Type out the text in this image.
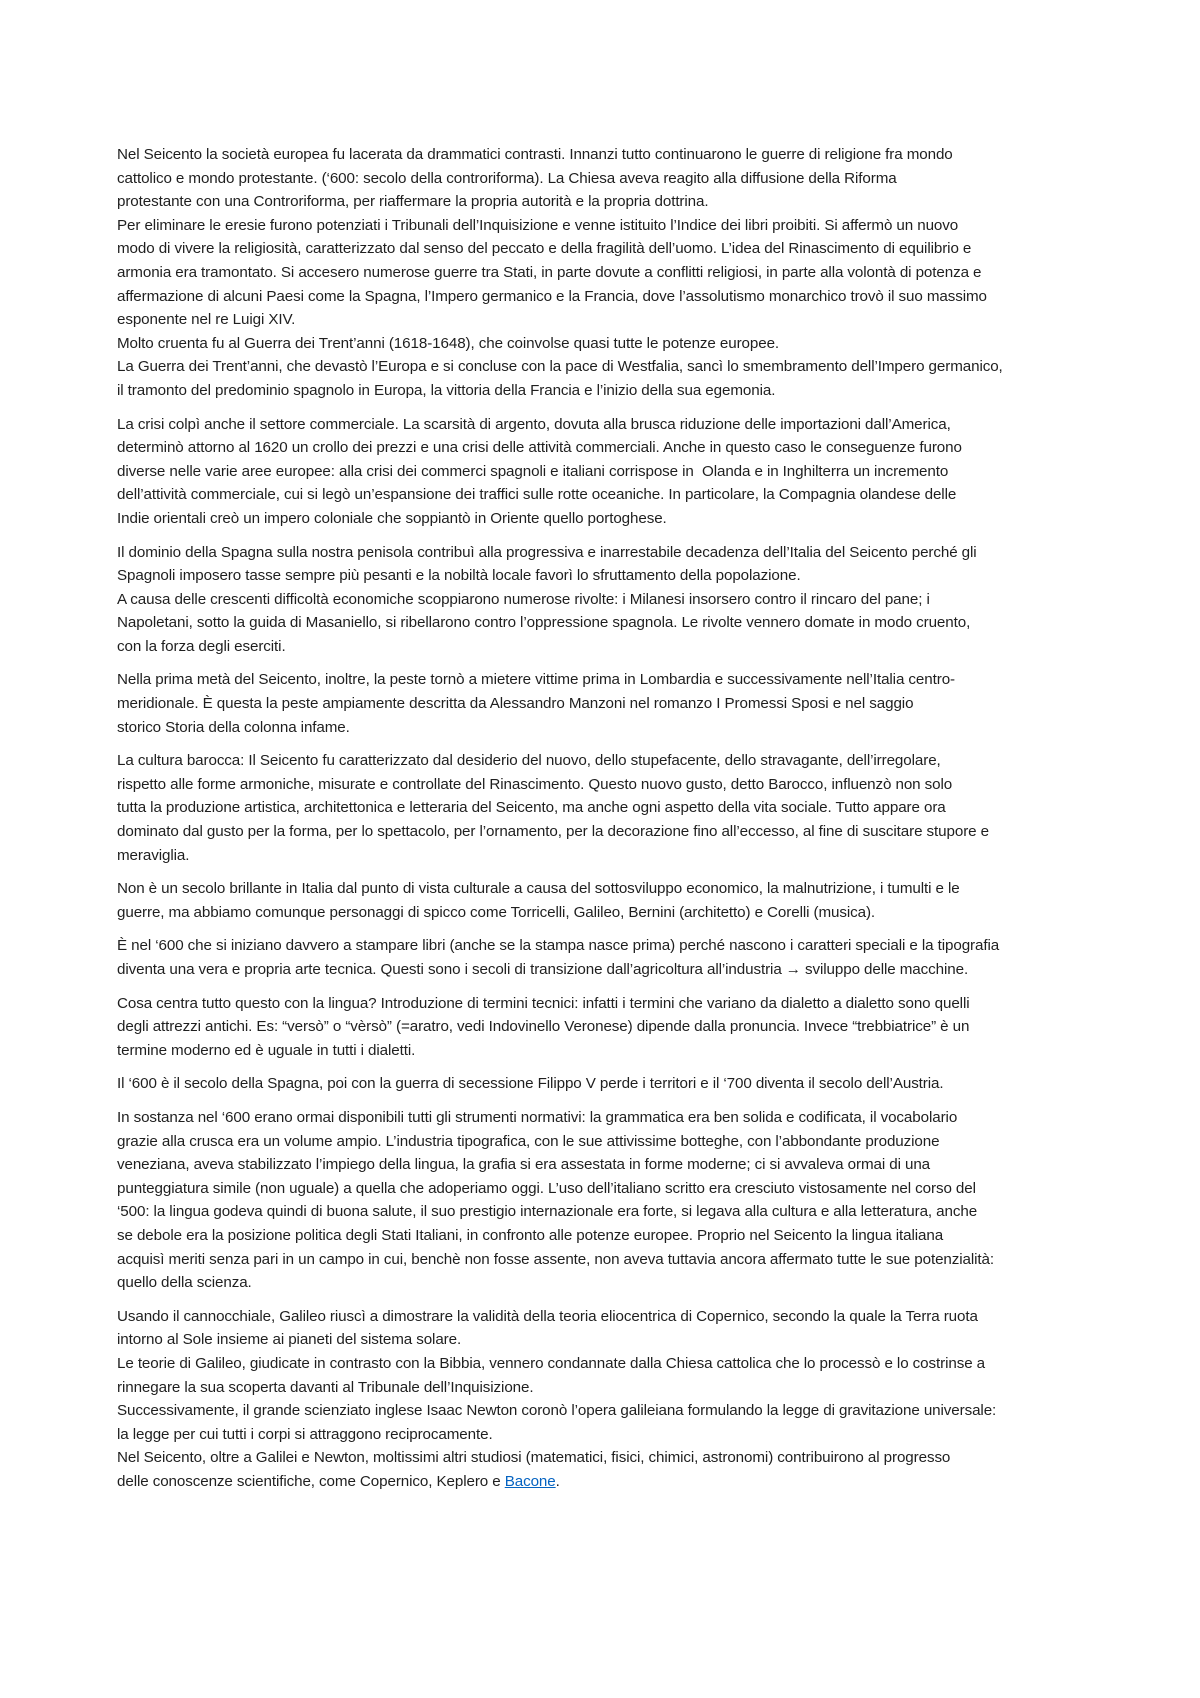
Nel Seicento la società europea fu lacerata da drammatici contrasti. Innanzi tutto continuarono le guerre di religione fra mondo
cattolico e mondo protestante. (‘600: secolo della controriforma). La Chiesa aveva reagito alla diffusione della Riforma
protestante con una Controriforma, per riaffermare la propria autorità e la propria dottrina.
Per eliminare le eresie furono potenziati i Tribunali dell’Inquisizione e venne istituito l’Indice dei libri proibiti. Si affermò un nuovo
modo di vivere la religiosità, caratterizzato dal senso del peccato e della fragilità dell’uomo. L’idea del Rinascimento di equilibrio e
armonia era tramontato. Si accesero numerose guerre tra Stati, in parte dovute a conflitti religiosi, in parte alla volontà di potenza e
affermazione di alcuni Paesi come la Spagna, l’Impero germanico e la Francia, dove l’assolutismo monarchico trovò il suo massimo
esponente nel re Luigi XIV.
Molto cruenta fu al Guerra dei Trent’anni (1618-1648), che coinvolse quasi tutte le potenze europee.
La Guerra dei Trent’anni, che devastò l’Europa e si concluse con la pace di Westfalia, sancì lo smembramento dell’Impero germanico,
il tramonto del predominio spagnolo in Europa, la vittoria della Francia e l’inizio della sua egemonia.
La crisi colpì anche il settore commerciale. La scarsità di argento, dovuta alla brusca riduzione delle importazioni dall’America,
determinò attorno al 1620 un crollo dei prezzi e una crisi delle attività commerciali. Anche in questo caso le conseguenze furono
diverse nelle varie aree europee: alla crisi dei commerci spagnoli e italiani corrispose in  Olanda e in Inghilterra un incremento
dell’attività commerciale, cui si legò un’espansione dei traffici sulle rotte oceaniche. In particolare, la Compagnia olandese delle
Indie orientali creò un impero coloniale che soppiantò in Oriente quello portoghese.
Il dominio della Spagna sulla nostra penisola contribuì alla progressiva e inarrestabile decadenza dell’Italia del Seicento perché gli
Spagnoli imposero tasse sempre più pesanti e la nobiltà locale favorì lo sfruttamento della popolazione.
A causa delle crescenti difficoltà economiche scoppiarono numerose rivolte: i Milanesi insorsero contro il rincaro del pane; i
Napoletani, sotto la guida di Masaniello, si ribellarono contro l’oppressione spagnola. Le rivolte vennero domate in modo cruento,
con la forza degli eserciti.
Nella prima metà del Seicento, inoltre, la peste tornò a mietere vittime prima in Lombardia e successivamente nell’Italia centro-
meridionale. È questa la peste ampiamente descritta da Alessandro Manzoni nel romanzo I Promessi Sposi e nel saggio
storico Storia della colonna infame.
La cultura barocca: Il Seicento fu caratterizzato dal desiderio del nuovo, dello stupefacente, dello stravagante, dell’irregolare,
rispetto alle forme armoniche, misurate e controllate del Rinascimento. Questo nuovo gusto, detto Barocco, influenzò non solo
tutta la produzione artistica, architettonica e letteraria del Seicento, ma anche ogni aspetto della vita sociale. Tutto appare ora
dominato dal gusto per la forma, per lo spettacolo, per l’ornamento, per la decorazione fino all’eccesso, al fine di suscitare stupore e
meraviglia.
Non è un secolo brillante in Italia dal punto di vista culturale a causa del sottosviluppo economico, la malnutrizione, i tumulti e le
guerre, ma abbiamo comunque personaggi di spicco come Torricelli, Galileo, Bernini (architetto) e Corelli (musica).
È nel ‘600 che si iniziano davvero a stampare libri (anche se la stampa nasce prima) perché nascono i caratteri speciali e la tipografia
diventa una vera e propria arte tecnica. Questi sono i secoli di transizione dall’agricoltura all’industria → sviluppo delle macchine.
Cosa centra tutto questo con la lingua? Introduzione di termini tecnici: infatti i termini che variano da dialetto a dialetto sono quelli
degli attrezzi antichi. Es: “versò” o “vèrsò” (=aratro, vedi Indovinello Veronese) dipende dalla pronuncia. Invece “trebbiatrice” è un
termine moderno ed è uguale in tutti i dialetti.
Il ‘600 è il secolo della Spagna, poi con la guerra di secessione Filippo V perde i territori e il ‘700 diventa il secolo dell’Austria.
In sostanza nel ‘600 erano ormai disponibili tutti gli strumenti normativi: la grammatica era ben solida e codificata, il vocabolario
grazie alla crusca era un volume ampio. L’industria tipografica, con le sue attivissime botteghe, con l’abbondante produzione
veneziana, aveva stabilizzato l’impiego della lingua, la grafia si era assestata in forme moderne; ci si avvaleva ormai di una
punteggiatura simile (non uguale) a quella che adoperiamo oggi. L’uso dell’italiano scritto era cresciuto vistosamente nel corso del
‘500: la lingua godeva quindi di buona salute, il suo prestigio internazionale era forte, si legava alla cultura e alla letteratura, anche
se debole era la posizione politica degli Stati Italiani, in confronto alle potenze europee. Proprio nel Seicento la lingua italiana
acquisì meriti senza pari in un campo in cui, benchè non fosse assente, non aveva tuttavia ancora affermato tutte le sue potenzialità:
quello della scienza.
Usando il cannocchiale, Galileo riuscì a dimostrare la validità della teoria eliocentrica di Copernico, secondo la quale la Terra ruota
intorno al Sole insieme ai pianeti del sistema solare.
Le teorie di Galileo, giudicate in contrasto con la Bibbia, vennero condannate dalla Chiesa cattolica che lo processò e lo costrinse a
rinnegare la sua scoperta davanti al Tribunale dell’Inquisizione.
Successivamente, il grande scienziato inglese Isaac Newton coronò l’opera galileiana formulando la legge di gravitazione universale:
la legge per cui tutti i corpi si attraggono reciprocamente.
Nel Seicento, oltre a Galilei e Newton, moltissimi altri studiosi (matematici, fisici, chimici, astronomi) contribuirono al progresso
delle conoscenze scientifiche, come Copernico, Keplero e Bacone.
